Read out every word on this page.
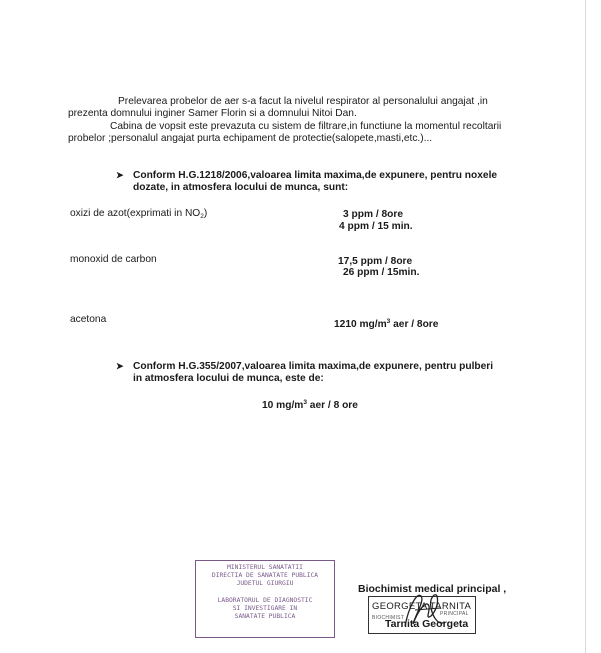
Prelevarea probelor de aer s-a facut la nivelul respirator al personalului angajat ,in
prezenta domnului inginer Samer Florin si a domnului Nitoi Dan.
Cabina de vopsit este prevazuta cu sistem de filtrare,in functiune la momentul recoltarii
probelor ;personalul angajat purta echipament de protectie(salopete,masti,etc.)...
➤ Conform H.G.1218/2006,valoarea limita maxima,de expunere, pentru noxele
dozate, in atmosfera locului de munca, sunt:
oxizi de azot(exprimati in NO2)	3 ppm / 8ore
4 ppm / 15 min.
monoxid de carbon	17,5 ppm / 8ore
26 ppm / 15min.
acetona	1210 $mg/m^3$ aer / 8ore
➤ Conform H.G.355/2007,valoarea limita maxima,de expunere, pentru pulberi
in atmosfera locului de munca, este de:
10 $mg/m^3$ aer / 8 ore
MINISTERUL SANATATII
DIRECTIA DE SANATATE PUBLICA
JUDETUL GIURGIU
LABORATORUL DE DIAGNOSTIC
SI INVESTIGARE IN
SANATATE PUBLICA
Biochimist medical principal ,
GEORGETA TARNITA
BIOCHIMIST
PRINCIPAL
Tarnita Georgeta
